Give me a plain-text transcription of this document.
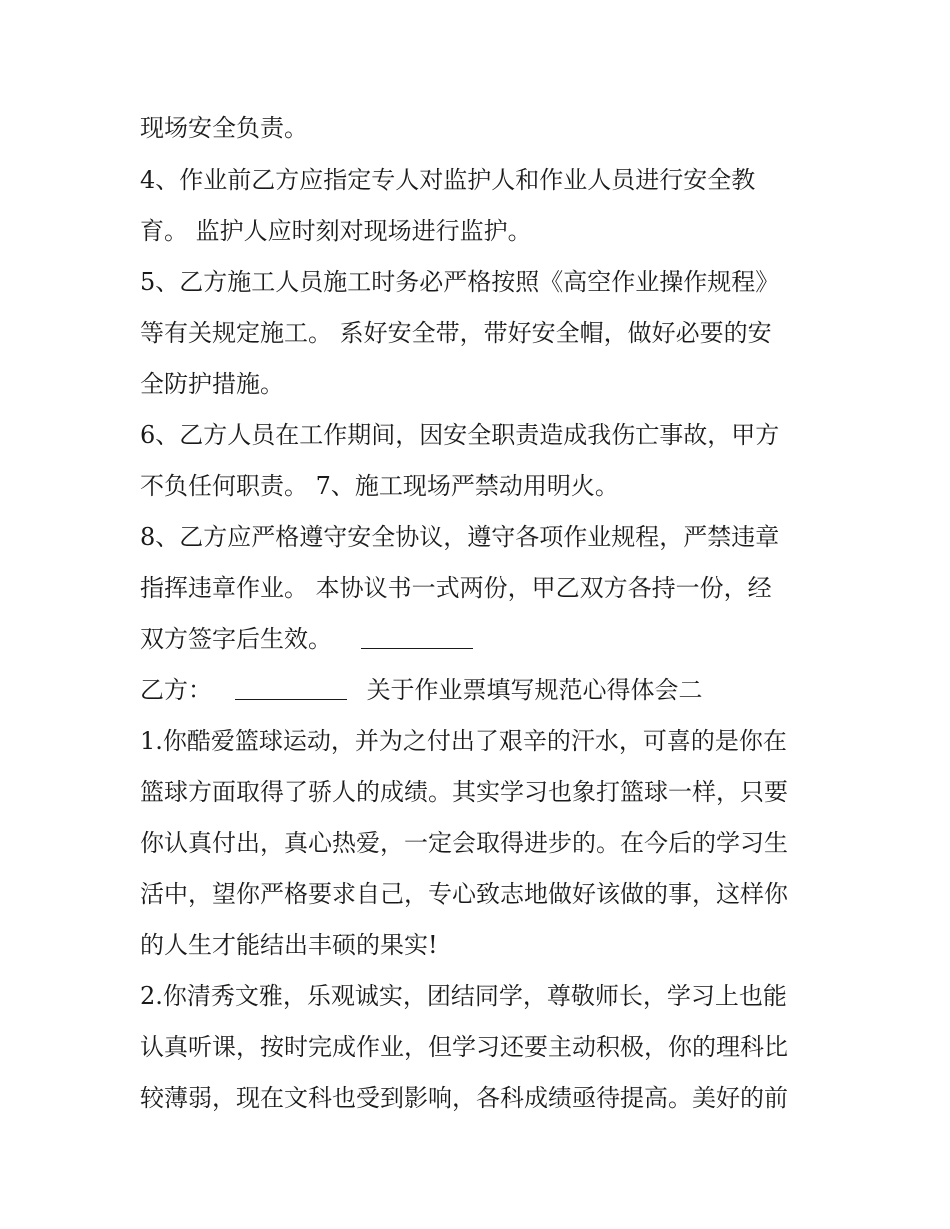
现场安全负责。
4、作业前乙方应指定专人对监护人和作业人员进行安全教
育。 监护人应时刻对现场进行监护。
5、乙方施工人员施工时务必严格按照《高空作业操作规程》
等有关规定施工。 系好安全带，带好安全帽，做好必要的安
全防护措施。
6、乙方人员在工作期间，因安全职责造成我伤亡事故，甲方
不负任何职责。 7、施工现场严禁动用明火。
8、乙方应严格遵守安全协议，遵守各项作业规程，严禁违章
指挥违章作业。 本协议书一式两份，甲乙双方各持一份，经
双方签字后生效。
乙方：	关于作业票填写规范心得体会二
1.你酷爱篮球运动，并为之付出了艰辛的汗水，可喜的是你在
篮球方面取得了骄人的成绩。其实学习也象打篮球一样，只要
你认真付出，真心热爱，一定会取得进步的。在今后的学习生
活中，望你严格要求自己，专心致志地做好该做的事，这样你
的人生才能结出丰硕的果实!
2.你清秀文雅，乐观诚实，团结同学，尊敬师长，学习上也能
认真听课，按时完成作业，但学习还要主动积极，你的理科比
较薄弱，现在文科也受到影响，各科成绩亟待提高。美好的前
